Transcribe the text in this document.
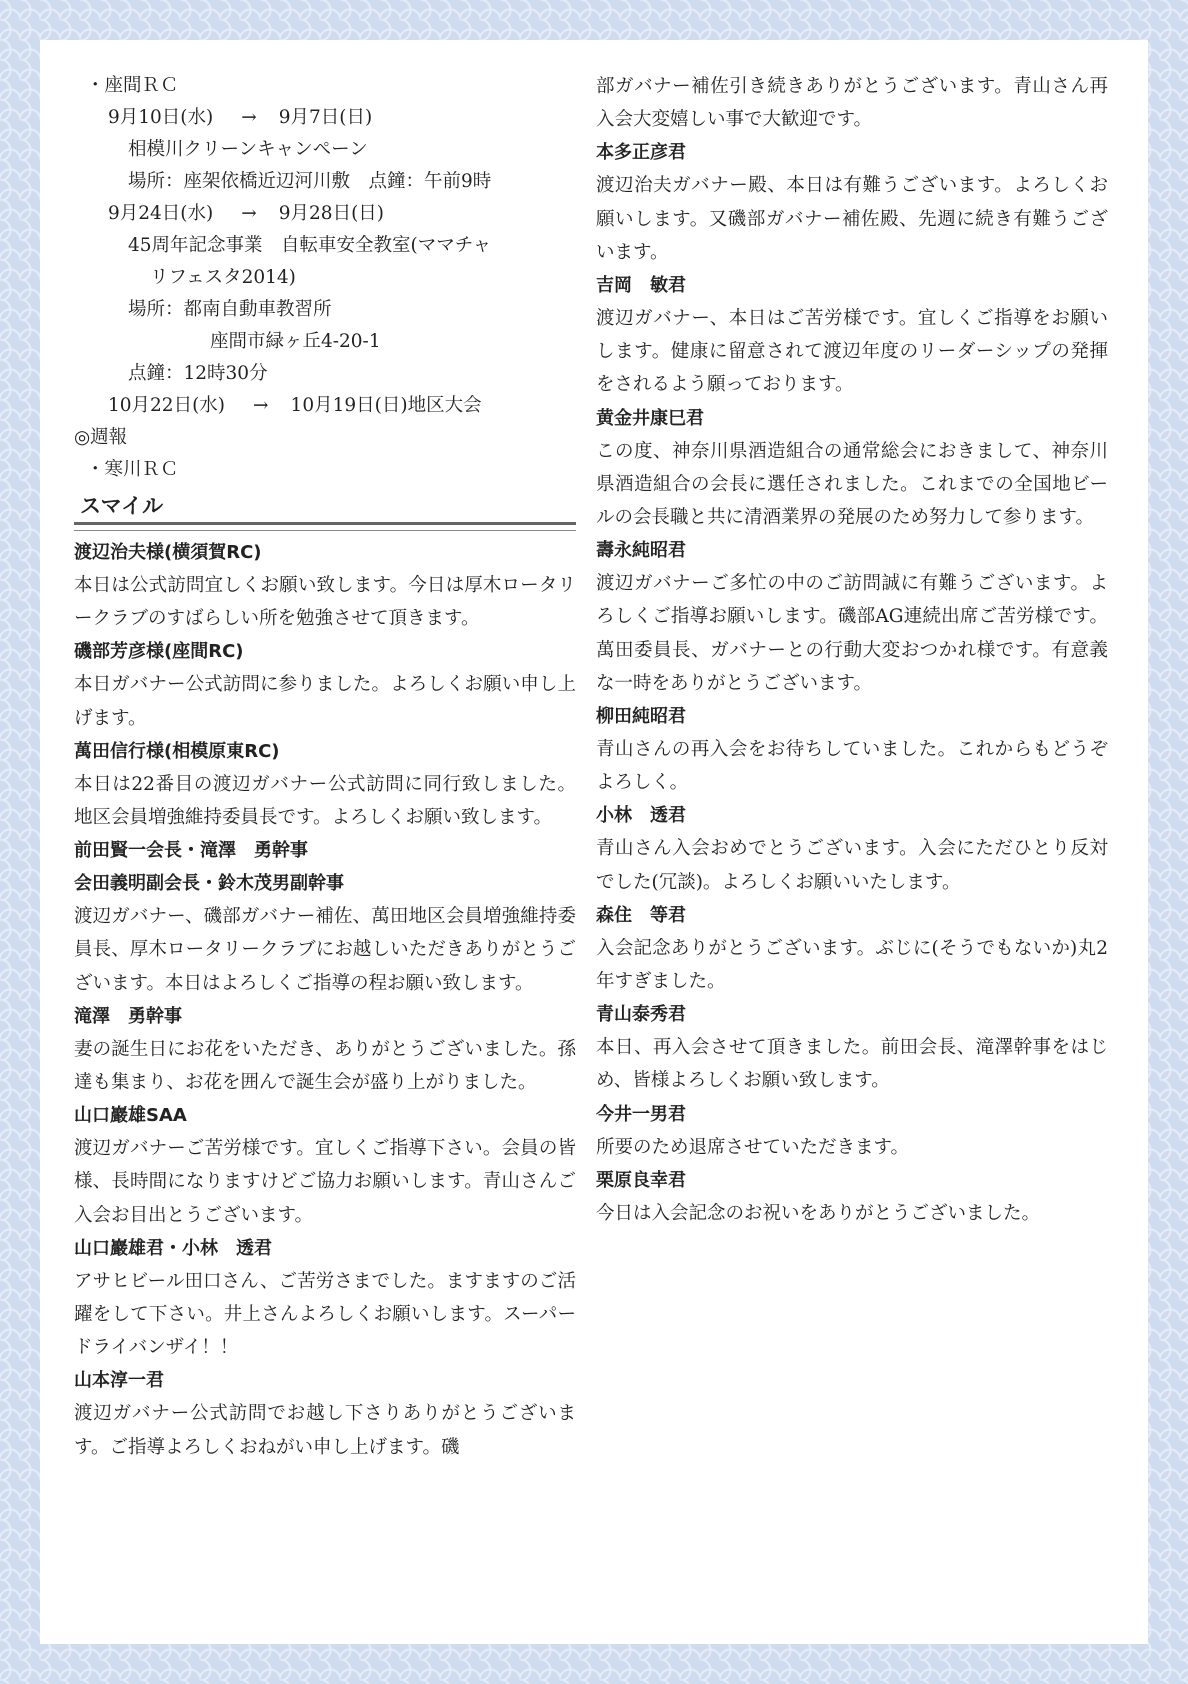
・座間ＲＣ
9月10日(水) → 9月7日(日)
相模川クリーンキャンペーン
場所：座架依橋近辺河川敷　点鐘：午前9時
9月24日(水) → 9月28日(日)
45周年記念事業　自転車安全教室(ママチャ
リフェスタ2014)
場所：都南自動車教習所
座間市緑ヶ丘4-20-1
点鐘：12時30分
10月22日(水) → 10月19日(日)地区大会
◎週報
・寒川ＲＣ
スマイル
渡辺治夫様(横須賀RC)
本日は公式訪問宜しくお願い致します。今日は厚木ロータリークラブのすばらしい所を勉強させて頂きます。
磯部芳彦様(座間RC)
本日ガバナー公式訪問に参りました。よろしくお願い申し上げます。
萬田信行様(相模原東RC)
本日は22番目の渡辺ガバナー公式訪問に同行致しました。地区会員増強維持委員長です。よろしくお願い致します。
前田賢一会長・滝澤　勇幹事
会田義明副会長・鈴木茂男副幹事
渡辺ガバナー、磯部ガバナー補佐、萬田地区会員増強維持委員長、厚木ロータリークラブにお越しいただきありがとうございます。本日はよろしくご指導の程お願い致します。
滝澤　勇幹事
妻の誕生日にお花をいただき、ありがとうございました。孫達も集まり、お花を囲んで誕生会が盛り上がりました。
山口巖雄SAA
渡辺ガバナーご苦労様です。宜しくご指導下さい。会員の皆様、長時間になりますけどご協力お願いします。青山さんご入会お目出とうございます。
山口巖雄君・小林　透君
アサヒビール田口さん、ご苦労さまでした。ますますのご活躍をして下さい。井上さんよろしくお願いします。スーパードライバンザイ！！
山本淳一君
渡辺ガバナー公式訪問でお越し下さりありがとうございます。ご指導よろしくおねがい申し上げます。磯
部ガバナー補佐引き続きありがとうございます。青山さん再入会大変嬉しい事で大歓迎です。
本多正彦君
渡辺治夫ガバナー殿、本日は有難うございます。よろしくお願いします。又磯部ガバナー補佐殿、先週に続き有難うございます。
吉岡　敏君
渡辺ガバナー、本日はご苦労様です。宜しくご指導をお願いします。健康に留意されて渡辺年度のリーダーシップの発揮をされるよう願っております。
黄金井康巳君
この度、神奈川県酒造組合の通常総会におきまして、神奈川県酒造組合の会長に選任されました。これまでの全国地ビールの会長職と共に清酒業界の発展のため努力して参ります。
壽永純昭君
渡辺ガバナーご多忙の中のご訪問誠に有難うございます。よろしくご指導お願いします。磯部AG連続出席ご苦労様です。萬田委員長、ガバナーとの行動大変おつかれ様です。有意義な一時をありがとうございます。
柳田純昭君
青山さんの再入会をお待ちしていました。これからもどうぞよろしく。
小林　透君
青山さん入会おめでとうございます。入会にただひとり反対でした(冗談)。よろしくお願いいたします。
森住　等君
入会記念ありがとうございます。ぶじに(そうでもないか)丸2年すぎました。
青山泰秀君
本日、再入会させて頂きました。前田会長、滝澤幹事をはじめ、皆様よろしくお願い致します。
今井一男君
所要のため退席させていただきます。
栗原良幸君
今日は入会記念のお祝いをありがとうございました。
